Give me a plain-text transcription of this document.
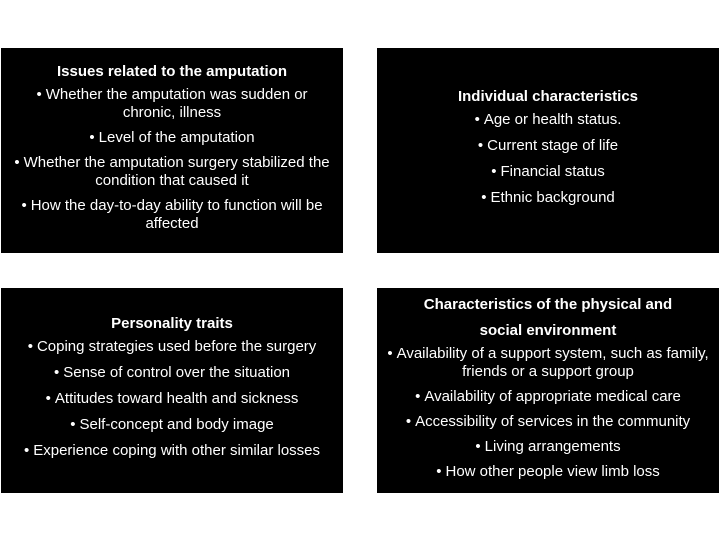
Issues related to the amputation
• Whether the amputation was sudden or chronic, illness
• Level of the amputation
• Whether the amputation surgery stabilized the condition that caused it
• How the day-to-day ability to function will be affected
Individual characteristics
• Age or health status.
• Current stage of life
• Financial status
• Ethnic background
Personality traits
• Coping strategies used before the surgery
• Sense of control over the situation
• Attitudes toward health and sickness
• Self-concept and body image
• Experience coping with other similar losses
Characteristics of the physical and
social environment
• Availability of a support system, such as family, friends or a support group
• Availability of appropriate medical care
• Accessibility of services in the community
• Living arrangements
• How other people view limb loss
